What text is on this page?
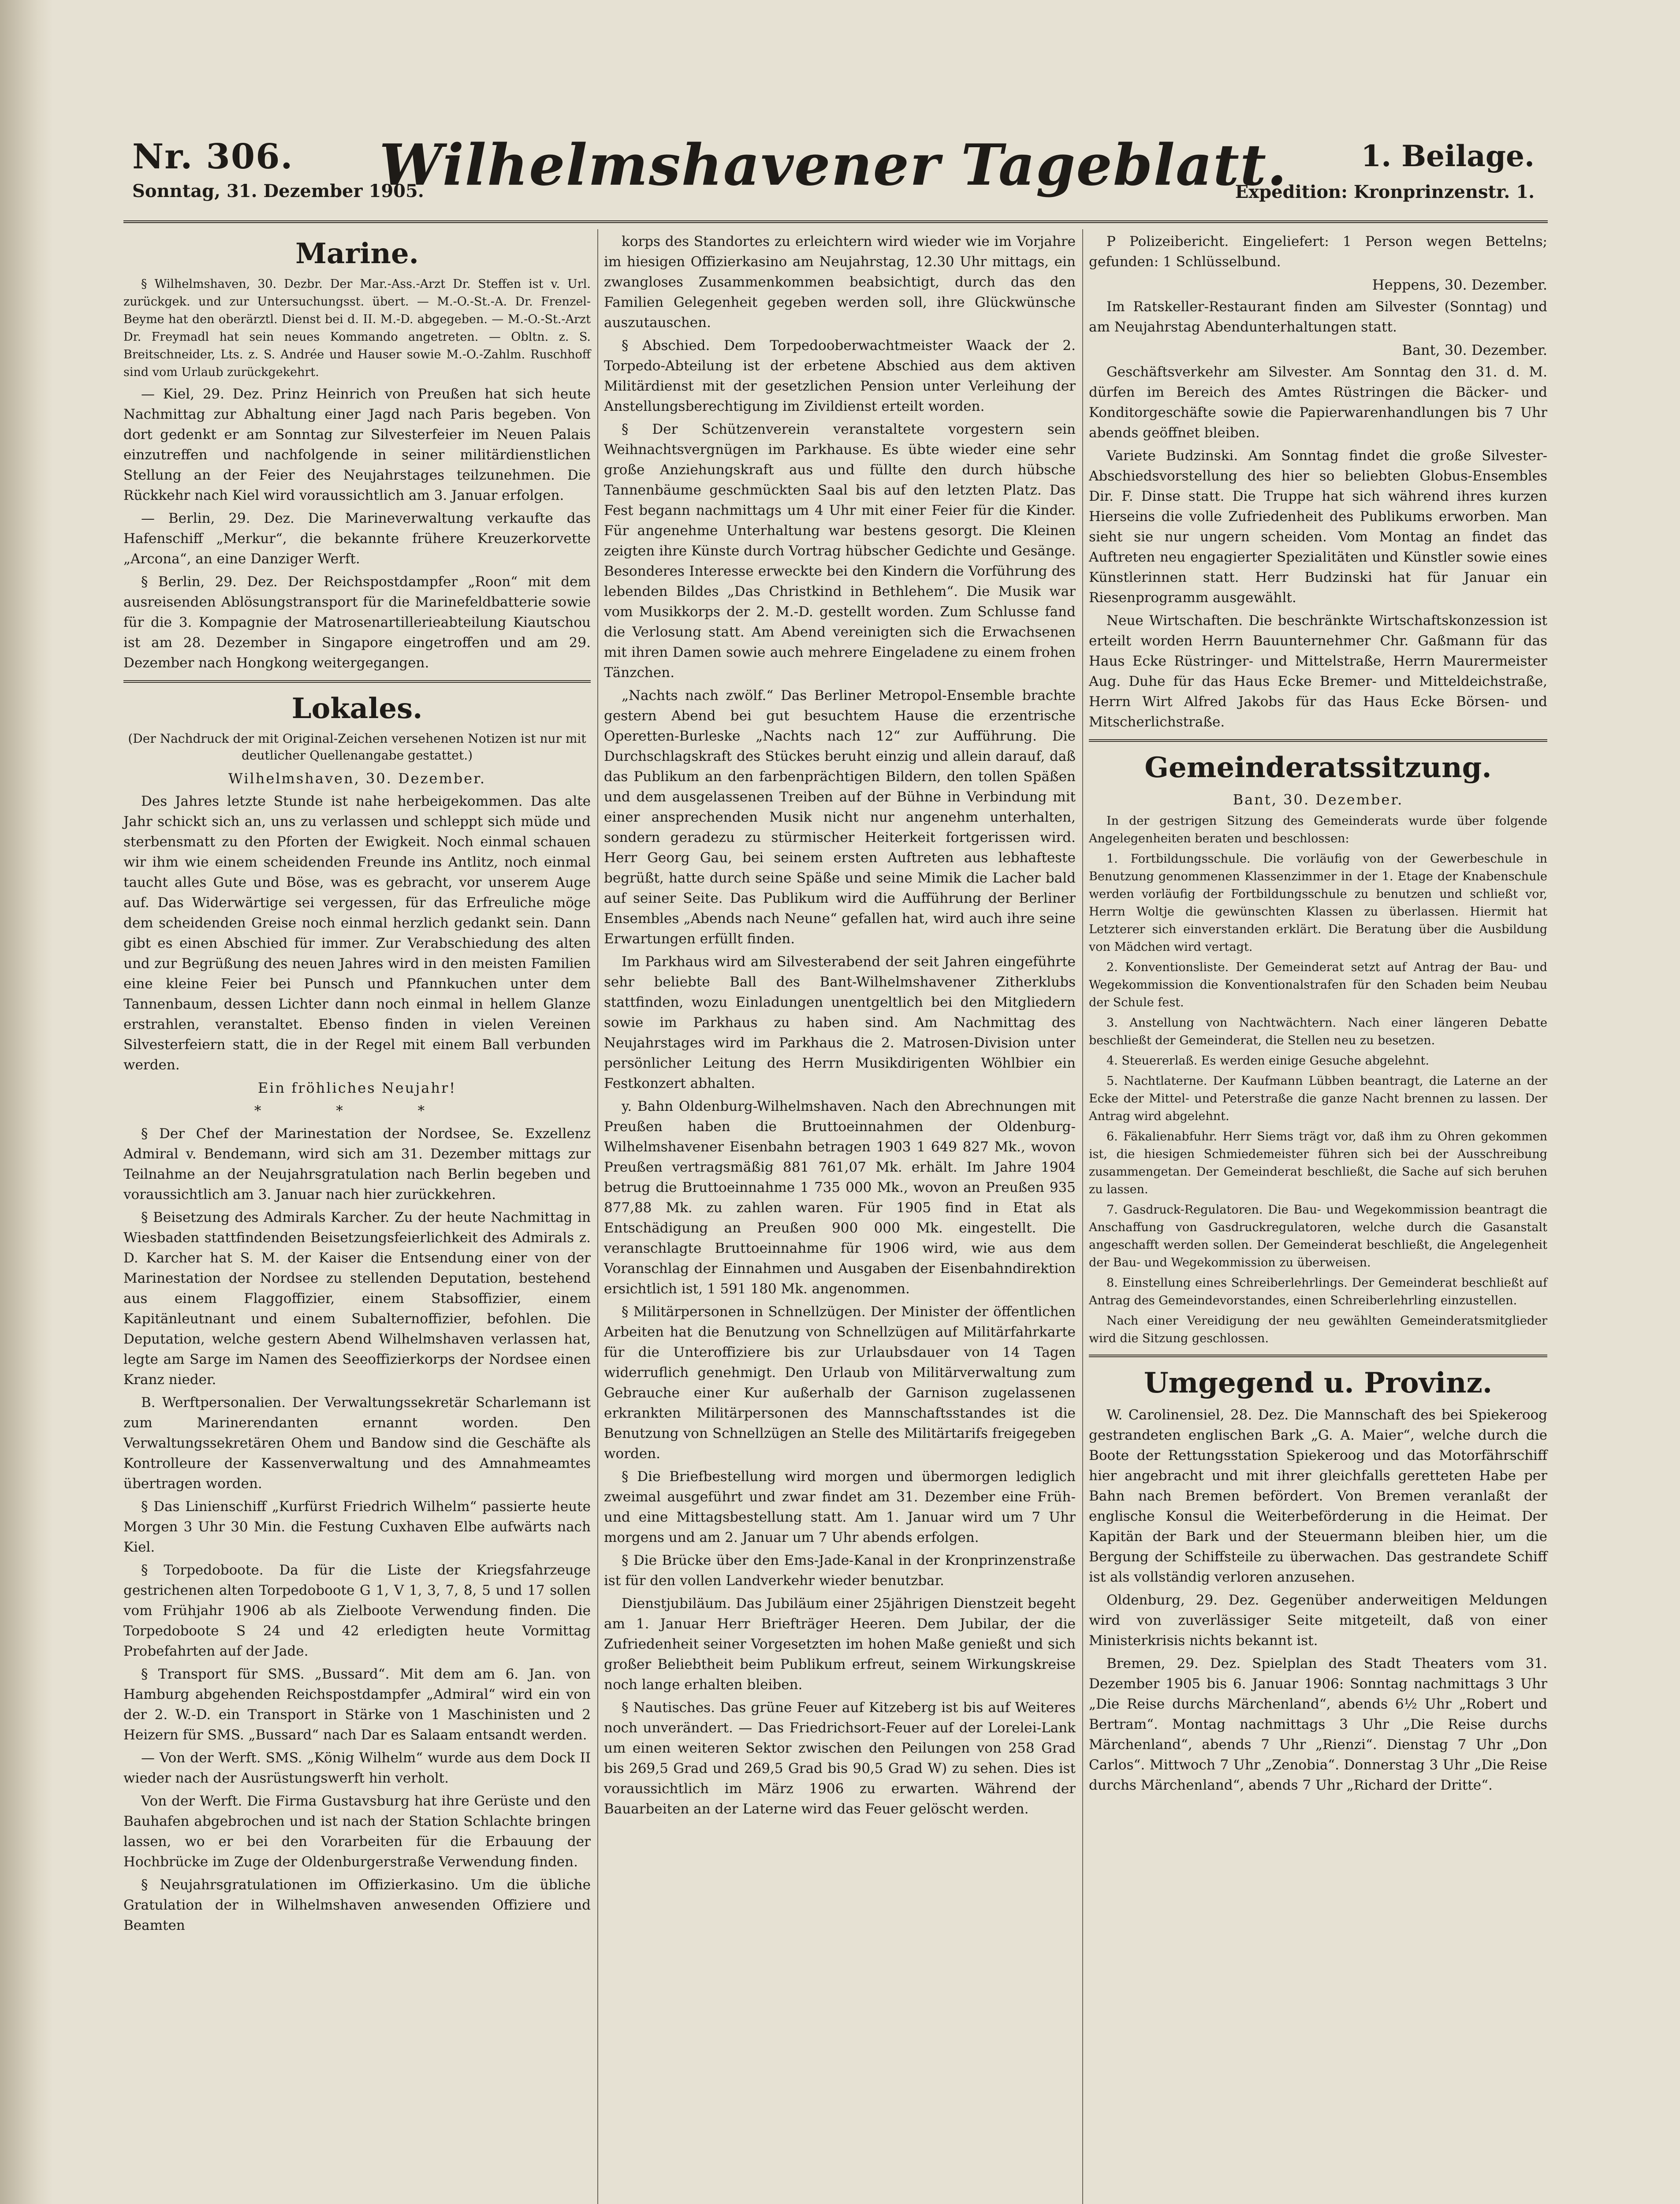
Nr. 306.
Sonntag, 31. Dezember 1905.
Wilhelmshavener Tageblatt.	1. Beilage.
Expedition: Kronprinzenstr. 1.
Marine.

§ Wilhelmshaven, 30. Dezbr. Der Mar.-Ass.-Arzt Dr. Steffen ist v. Url. zurückgek. und zur Untersuchungsst. übert. — M.-O.-St.-A. Dr. Frenzel-Beyme hat den oberärztl. Dienst bei d. II. M.-D. abgegeben. — M.-O.-St.-Arzt Dr. Freymadl hat sein neues Kommando angetreten. — Obltn. z. S. Breitschneider, Lts. z. S. Andrée und Hauser sowie M.-O.-Zahlm. Ruschhoff sind vom Urlaub zurückgekehrt.

— Kiel, 29. Dez. Prinz Heinrich von Preußen hat sich heute Nachmittag zur Abhaltung einer Jagd nach Paris begeben. Von dort gedenkt er am Sonntag zur Silvesterfeier im Neuen Palais einzutreffen und nachfolgende in seiner militärdienstlichen Stellung an der Feier des Neujahrstages teilzunehmen. Die Rückkehr nach Kiel wird voraussichtlich am 3. Januar erfolgen.

— Berlin, 29. Dez. Die Marineverwaltung verkaufte das Hafenschiff „Merkur“, die bekannte frühere Kreuzerkorvette „Arcona“, an eine Danziger Werft.

§ Berlin, 29. Dez. Der Reichspostdampfer „Roon“ mit dem ausreisenden Ablösungstransport für die Marinefeldbatterie sowie für die 3. Kompagnie der Matrosenartillerieabteilung Kiautschou ist am 28. Dezember in Singapore eingetroffen und am 29. Dezember nach Hongkong weitergegangen.

Lokales.
(Der Nachdruck der mit Original-Zeichen versehenen Notizen ist nur mit deutlicher Quellenangabe gestattet.)
Wilhelmshaven, 30. Dezember.

Des Jahres letzte Stunde ist nahe herbeigekommen. Das alte Jahr schickt sich an, uns zu verlassen und schleppt sich müde und sterbensmatt zu den Pforten der Ewigkeit. Noch einmal schauen wir ihm wie einem scheidenden Freunde ins Antlitz, noch einmal taucht alles Gute und Böse, was es gebracht, vor unserem Auge auf. Das Widerwärtige sei vergessen, für das Erfreuliche möge dem scheidenden Greise noch einmal herzlich gedankt sein. Dann gibt es einen Abschied für immer. Zur Verabschiedung des alten und zur Begrüßung des neuen Jahres wird in den meisten Familien eine kleine Feier bei Punsch und Pfannkuchen unter dem Tannenbaum, dessen Lichter dann noch einmal in hellem Glanze erstrahlen, veranstaltet. Ebenso finden in vielen Vereinen Silvesterfeiern statt, die in der Regel mit einem Ball verbunden werden.

Ein fröhliches Neujahr!
* * *

§ Der Chef der Marinestation der Nordsee, Se. Exzellenz Admiral v. Bendemann, wird sich am 31. Dezember mittags zur Teilnahme an der Neujahrsgratulation nach Berlin begeben und voraussichtlich am 3. Januar nach hier zurückkehren.

§ Beisetzung des Admirals Karcher. Zu der heute Nachmittag in Wiesbaden stattfindenden Beisetzungsfeierlichkeit des Admirals z. D. Karcher hat S. M. der Kaiser die Entsendung einer von der Marinestation der Nordsee zu stellenden Deputation, bestehend aus einem Flaggoffizier, einem Stabsoffizier, einem Kapitänleutnant und einem Subalternoffizier, befohlen. Die Deputation, welche gestern Abend Wilhelmshaven verlassen hat, legte am Sarge im Namen des Seeoffizierkorps der Nordsee einen Kranz nieder.

B. Werftpersonalien. Der Verwaltungssekretär Scharlemann ist zum Marinerendanten ernannt worden. Den Verwaltungssekretären Ohem und Bandow sind die Geschäfte als Kontrolleure der Kassenverwaltung und des Amnahmeamtes übertragen worden.

§ Das Linienschiff „Kurfürst Friedrich Wilhelm“ passierte heute Morgen 3 Uhr 30 Min. die Festung Cuxhaven Elbe aufwärts nach Kiel.

§ Torpedoboote. Da für die Liste der Kriegsfahrzeuge gestrichenen alten Torpedoboote G 1, V 1, 3, 7, 8, 5 und 17 sollen vom Frühjahr 1906 ab als Zielboote Verwendung finden. Die Torpedoboote S 24 und 42 erledigten heute Vormittag Probefahrten auf der Jade.

§ Transport für SMS. „Bussard“. Mit dem am 6. Jan. von Hamburg abgehenden Reichspostdampfer „Admiral“ wird ein von der 2. W.-D. ein Transport in Stärke von 1 Maschinisten und 2 Heizern für SMS. „Bussard“ nach Dar es Salaam entsandt werden.

— Von der Werft. SMS. „König Wilhelm“ wurde aus dem Dock II wieder nach der Ausrüstungswerft hin verholt.

Von der Werft. Die Firma Gustavsburg hat ihre Gerüste und den Bauhafen abgebrochen und ist nach der Station Schlachte bringen lassen, wo er bei den Vorarbeiten für die Erbauung der Hochbrücke im Zuge der Oldenburgerstraße Verwendung finden.

§ Neujahrsgratulationen im Offizierkasino. Um die übliche Gratulation der in Wilhelmshaven anwesenden Offiziere und Beamten

korps des Standortes zu erleichtern wird wieder wie im Vorjahre im hiesigen Offizierkasino am Neujahrstag, 12.30 Uhr mittags, ein zwangloses Zusammenkommen beabsichtigt, durch das den Familien Gelegenheit gegeben werden soll, ihre Glückwünsche auszutauschen.

§ Abschied. Dem Torpedooberwachtmeister Waack der 2. Torpedo-Abteilung ist der erbetene Abschied aus dem aktiven Militärdienst mit der gesetzlichen Pension unter Verleihung der Anstellungsberechtigung im Zivildienst erteilt worden.

§ Der Schützenverein veranstaltete vorgestern sein Weihnachtsvergnügen im Parkhause. Es übte wieder eine sehr große Anziehungskraft aus und füllte den durch hübsche Tannenbäume geschmückten Saal bis auf den letzten Platz. Das Fest begann nachmittags um 4 Uhr mit einer Feier für die Kinder. Für angenehme Unterhaltung war bestens gesorgt. Die Kleinen zeigten ihre Künste durch Vortrag hübscher Gedichte und Gesänge. Besonderes Interesse erweckte bei den Kindern die Vorführung des lebenden Bildes „Das Christkind in Bethlehem“. Die Musik war vom Musikkorps der 2. M.-D. gestellt worden. Zum Schlusse fand die Verlosung statt. Am Abend vereinigten sich die Erwachsenen mit ihren Damen sowie auch mehrere Eingeladene zu einem frohen Tänzchen.

„Nachts nach zwölf.“ Das Berliner Metropol-Ensemble brachte gestern Abend bei gut besuchtem Hause die erzentrische Operetten-Burleske „Nachts nach 12“ zur Aufführung. Die Durchschlagskraft des Stückes beruht einzig und allein darauf, daß das Publikum an den farbenprächtigen Bildern, den tollen Späßen und dem ausgelassenen Treiben auf der Bühne in Verbindung mit einer ansprechenden Musik nicht nur angenehm unterhalten, sondern geradezu zu stürmischer Heiterkeit fortgerissen wird. Herr Georg Gau, bei seinem ersten Auftreten aus lebhafteste begrüßt, hatte durch seine Späße und seine Mimik die Lacher bald auf seiner Seite. Das Publikum wird die Aufführung der Berliner Ensembles „Abends nach Neune“ gefallen hat, wird auch ihre seine Erwartungen erfüllt finden.

Im Parkhaus wird am Silvesterabend der seit Jahren eingeführte sehr beliebte Ball des Bant-Wilhelmshavener Zitherklubs stattfinden, wozu Einladungen unentgeltlich bei den Mitgliedern sowie im Parkhaus zu haben sind. Am Nachmittag des Neujahrstages wird im Parkhaus die 2. Matrosen-Division unter persönlicher Leitung des Herrn Musikdirigenten Wöhlbier ein Festkonzert abhalten.

y. Bahn Oldenburg-Wilhelmshaven. Nach den Abrechnungen mit Preußen haben die Bruttoeinnahmen der Oldenburg-Wilhelmshavener Eisenbahn betragen 1903 1 649 827 Mk., wovon Preußen vertragsmäßig 881 761,07 Mk. erhält. Im Jahre 1904 betrug die Bruttoeinnahme 1 735 000 Mk., wovon an Preußen 935 877,88 Mk. zu zahlen waren. Für 1905 find in Etat als Entschädigung an Preußen 900 000 Mk. eingestellt. Die veranschlagte Bruttoeinnahme für 1906 wird, wie aus dem Voranschlag der Einnahmen und Ausgaben der Eisenbahndirektion ersichtlich ist, 1 591 180 Mk. angenommen.

§ Militärpersonen in Schnellzügen. Der Minister der öffentlichen Arbeiten hat die Benutzung von Schnellzügen auf Militärfahrkarte für die Unteroffiziere bis zur Urlaubsdauer von 14 Tagen widerruflich genehmigt. Den Urlaub von Militärverwaltung zum Gebrauche einer Kur außerhalb der Garnison zugelassenen erkrankten Militärpersonen des Mannschaftsstandes ist die Benutzung von Schnellzügen an Stelle des Militärtarifs freigegeben worden.

§ Die Briefbestellung wird morgen und übermorgen lediglich zweimal ausgeführt und zwar findet am 31. Dezember eine Früh- und eine Mittagsbestellung statt. Am 1. Januar wird um 7 Uhr morgens und am 2. Januar um 7 Uhr abends erfolgen.

§ Die Brücke über den Ems-Jade-Kanal in der Kronprinzenstraße ist für den vollen Landverkehr wieder benutzbar.

Dienstjubiläum. Das Jubiläum einer 25jährigen Dienstzeit begeht am 1. Januar Herr Briefträger Heeren. Dem Jubilar, der die Zufriedenheit seiner Vorgesetzten im hohen Maße genießt und sich großer Beliebtheit beim Publikum erfreut, seinem Wirkungskreise noch lange erhalten bleiben.

§ Nautisches. Das grüne Feuer auf Kitzeberg ist bis auf Weiteres noch unverändert. — Das Friedrichsort-Feuer auf der Lorelei-Lank um einen weiteren Sektor zwischen den Peilungen von 258 Grad bis 269,5 Grad und 269,5 Grad bis 90,5 Grad W) zu sehen. Dies ist voraussichtlich im März 1906 zu erwarten. Während der Bauarbeiten an der Laterne wird das Feuer gelöscht werden.

P Polizeibericht. Eingeliefert: 1 Person wegen Bettelns; gefunden: 1 Schlüsselbund.

Heppens, 30. Dezember.

Im Ratskeller-Restaurant finden am Silvester (Sonntag) und am Neujahrstag Abendunterhaltungen statt.

Bant, 30. Dezember.

Geschäftsverkehr am Silvester. Am Sonntag den 31. d. M. dürfen im Bereich des Amtes Rüstringen die Bäcker- und Konditorgeschäfte sowie die Papierwarenhandlungen bis 7 Uhr abends geöffnet bleiben.

Variete Budzinski. Am Sonntag findet die große Silvester-Abschiedsvorstellung des hier so beliebten Globus-Ensembles Dir. F. Dinse statt. Die Truppe hat sich während ihres kurzen Hierseins die volle Zufriedenheit des Publikums erworben. Man sieht sie nur ungern scheiden. Vom Montag an findet das Auftreten neu engagierter Spezialitäten und Künstler sowie eines Künstlerinnen statt. Herr Budzinski hat für Januar ein Riesenprogramm ausgewählt.

Neue Wirtschaften. Die beschränkte Wirtschaftskonzession ist erteilt worden Herrn Bauunternehmer Chr. Gaßmann für das Haus Ecke Rüstringer- und Mittelstraße, Herrn Maurermeister Aug. Duhe für das Haus Ecke Bremer- und Mitteldeichstraße, Herrn Wirt Alfred Jakobs für das Haus Ecke Börsen- und Mitscherlichstraße.

Gemeinderatssitzung.
Bant, 30. Dezember.

In der gestrigen Sitzung des Gemeinderats wurde über folgende Angelegenheiten beraten und beschlossen:

1. Fortbildungsschule. Die vorläufig von der Gewerbeschule in Benutzung genommenen Klassenzimmer in der 1. Etage der Knabenschule werden vorläufig der Fortbildungsschule zu benutzen und schließt vor, Herrn Woltje die gewünschten Klassen zu überlassen. Hiermit hat Letzterer sich einverstanden erklärt. Die Beratung über die Ausbildung von Mädchen wird vertagt.

2. Konventionsliste. Der Gemeinderat setzt auf Antrag der Bau- und Wegekommission die Konventionalstrafen für den Schaden beim Neubau der Schule fest.

3. Anstellung von Nachtwächtern. Nach einer längeren Debatte beschließt der Gemeinderat, die Stellen neu zu besetzen.

4. Steuererlaß. Es werden einige Gesuche abgelehnt.

5. Nachtlaterne. Der Kaufmann Lübben beantragt, die Laterne an der Ecke der Mittel- und Peterstraße die ganze Nacht brennen zu lassen. Der Antrag wird abgelehnt.

6. Fäkalienabfuhr. Herr Siems trägt vor, daß ihm zu Ohren gekommen ist, die hiesigen Schmiedemeister führen sich bei der Ausschreibung zusammengetan. Der Gemeinderat beschließt, die Sache auf sich beruhen zu lassen.

7. Gasdruck-Regulatoren. Die Bau- und Wegekommission beantragt die Anschaffung von Gasdruckregulatoren, welche durch die Gasanstalt angeschafft werden sollen. Der Gemeinderat beschließt, die Angelegenheit der Bau- und Wegekommission zu überweisen.

8. Einstellung eines Schreiberlehrlings. Der Gemeinderat beschließt auf Antrag des Gemeindevorstandes, einen Schreiberlehrling einzustellen.

Nach einer Vereidigung der neu gewählten Gemeinderatsmitglieder wird die Sitzung geschlossen.

Umgegend u. Provinz.

W. Carolinensiel, 28. Dez. Die Mannschaft des bei Spiekeroog gestrandeten englischen Bark „G. A. Maier“, welche durch die Boote der Rettungsstation Spiekeroog und das Motorfährschiff hier angebracht und mit ihrer gleichfalls geretteten Habe per Bahn nach Bremen befördert. Von Bremen veranlaßt der englische Konsul die Weiterbeförderung in die Heimat. Der Kapitän der Bark und der Steuermann bleiben hier, um die Bergung der Schiffsteile zu überwachen. Das gestrandete Schiff ist als vollständig verloren anzusehen.

Oldenburg, 29. Dez. Gegenüber anderweitigen Meldungen wird von zuverlässiger Seite mitgeteilt, daß von einer Ministerkrisis nichts bekannt ist.

Bremen, 29. Dez. Spielplan des Stadt Theaters vom 31. Dezember 1905 bis 6. Januar 1906: Sonntag nachmittags 3 Uhr „Die Reise durchs Märchenland“, abends 6½ Uhr „Robert und Bertram“. Montag nachmittags 3 Uhr „Die Reise durchs Märchenland“, abends 7 Uhr „Rienzi“. Dienstag 7 Uhr „Don Carlos“. Mittwoch 7 Uhr „Zenobia“. Donnerstag 3 Uhr „Die Reise durchs Märchenland“, abends 7 Uhr „Richard der Dritte“.
